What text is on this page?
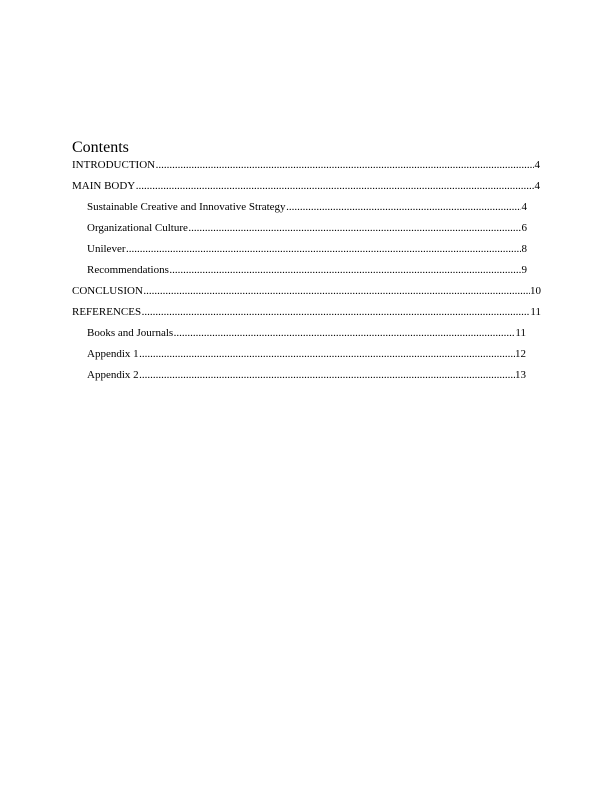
Contents
INTRODUCTION .....	4
MAIN BODY .....	4
Sustainable Creative and Innovative Strategy .....	4
Organizational Culture .....	6
Unilever .....	8
Recommendations .....	9
CONCLUSION .....	10
REFERENCES .....	11
Books and Journals .....	11
Appendix 1 .....	12
Appendix 2 .....	13
